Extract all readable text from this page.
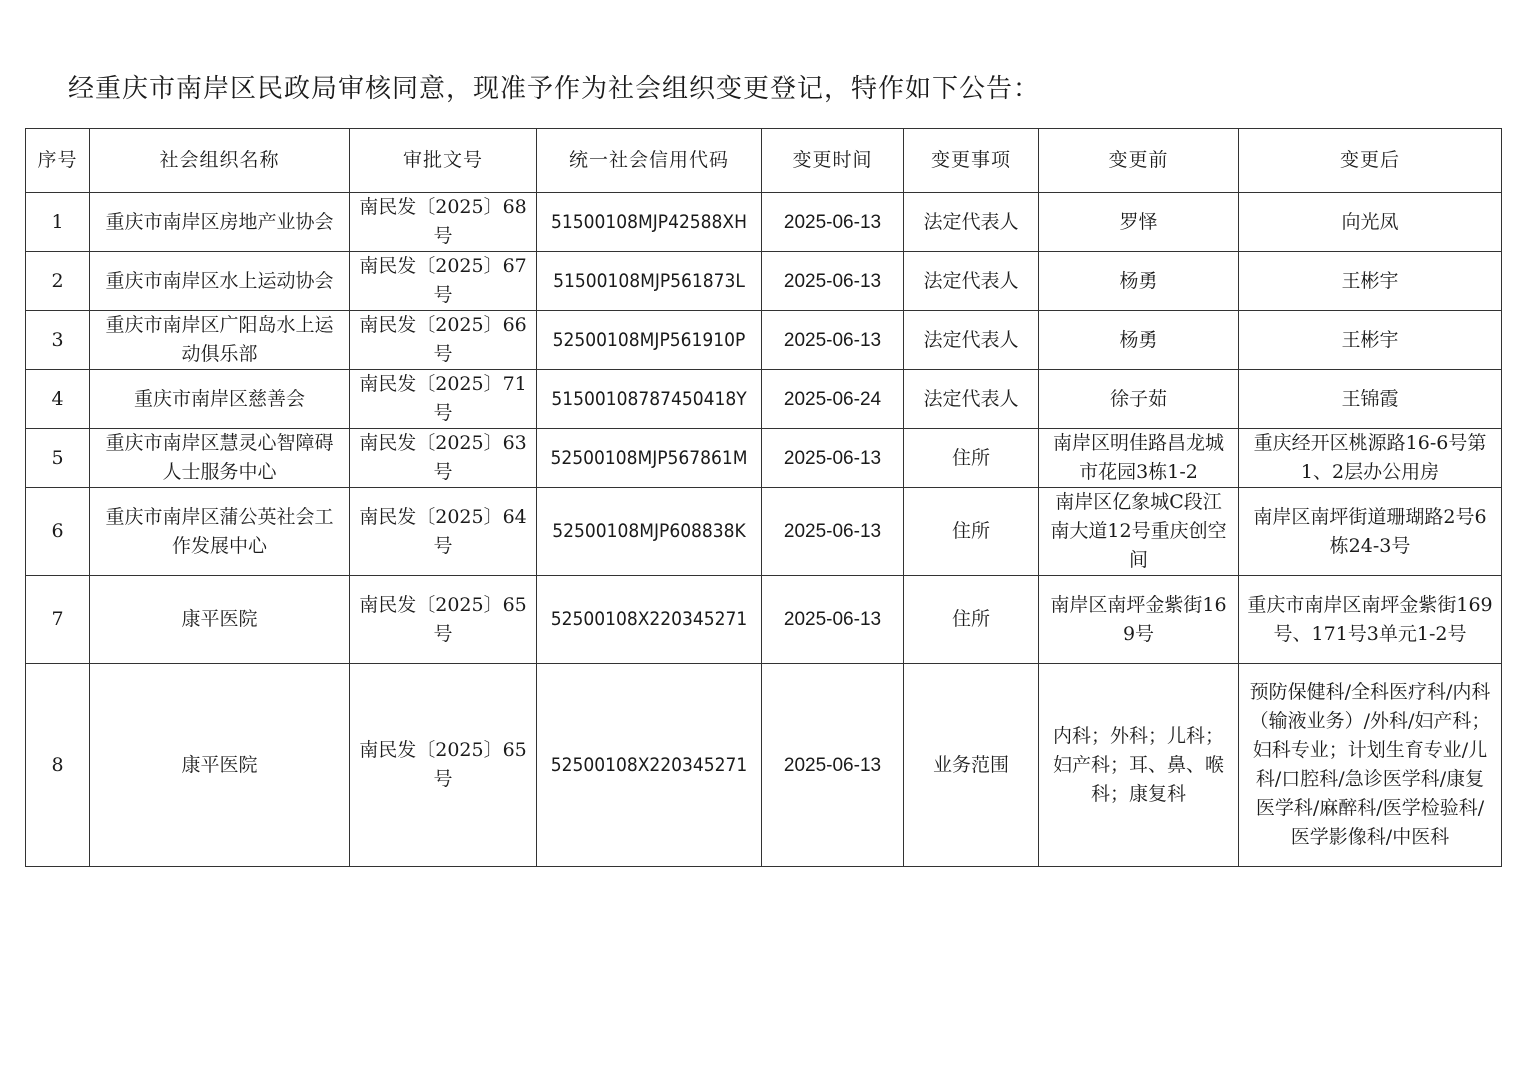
经重庆市南岸区民政局审核同意，现准予作为社会组织变更登记，特作如下公告：
序号	社会组织名称	审批文号	统一社会信用代码	变更时间	变更事项	变更前	变更后
1	重庆市南岸区房地产业协会	南民发〔2025〕68号	51500108MJP42588XH	2025-06-13	法定代表人	罗怿	向光凤
2	重庆市南岸区水上运动协会	南民发〔2025〕67号	51500108MJP561873L	2025-06-13	法定代表人	杨勇	王彬宇
3	重庆市南岸区广阳岛水上运动俱乐部	南民发〔2025〕66号	52500108MJP561910P	2025-06-13	法定代表人	杨勇	王彬宇
4	重庆市南岸区慈善会	南民发〔2025〕71号	51500108787450418Y	2025-06-24	法定代表人	徐子茹	王锦霞
5	重庆市南岸区慧灵心智障碍人士服务中心	南民发〔2025〕63号	52500108MJP567861M	2025-06-13	住所	南岸区明佳路昌龙城市花园3栋1-2	重庆经开区桃源路16-6号第1、2层办公用房
6	重庆市南岸区蒲公英社会工作发展中心	南民发〔2025〕64号	52500108MJP608838K	2025-06-13	住所	南岸区亿象城C段江南大道12号重庆创空间	南岸区南坪街道珊瑚路2号6栋24-3号
7	康平医院	南民发〔2025〕65号	52500108X220345271	2025-06-13	住所	南岸区南坪金紫街169号	重庆市南岸区南坪金紫街169号、171号3单元1-2号
8	康平医院	南民发〔2025〕65号	52500108X220345271	2025-06-13	业务范围	内科；外科；儿科；妇产科；耳、鼻、喉科；康复科	预防保健科/全科医疗科/内科（输液业务）/外科/妇产科；妇科专业；计划生育专业/儿科/口腔科/急诊医学科/康复医学科/麻醉科/医学检验科/医学影像科/中医科
